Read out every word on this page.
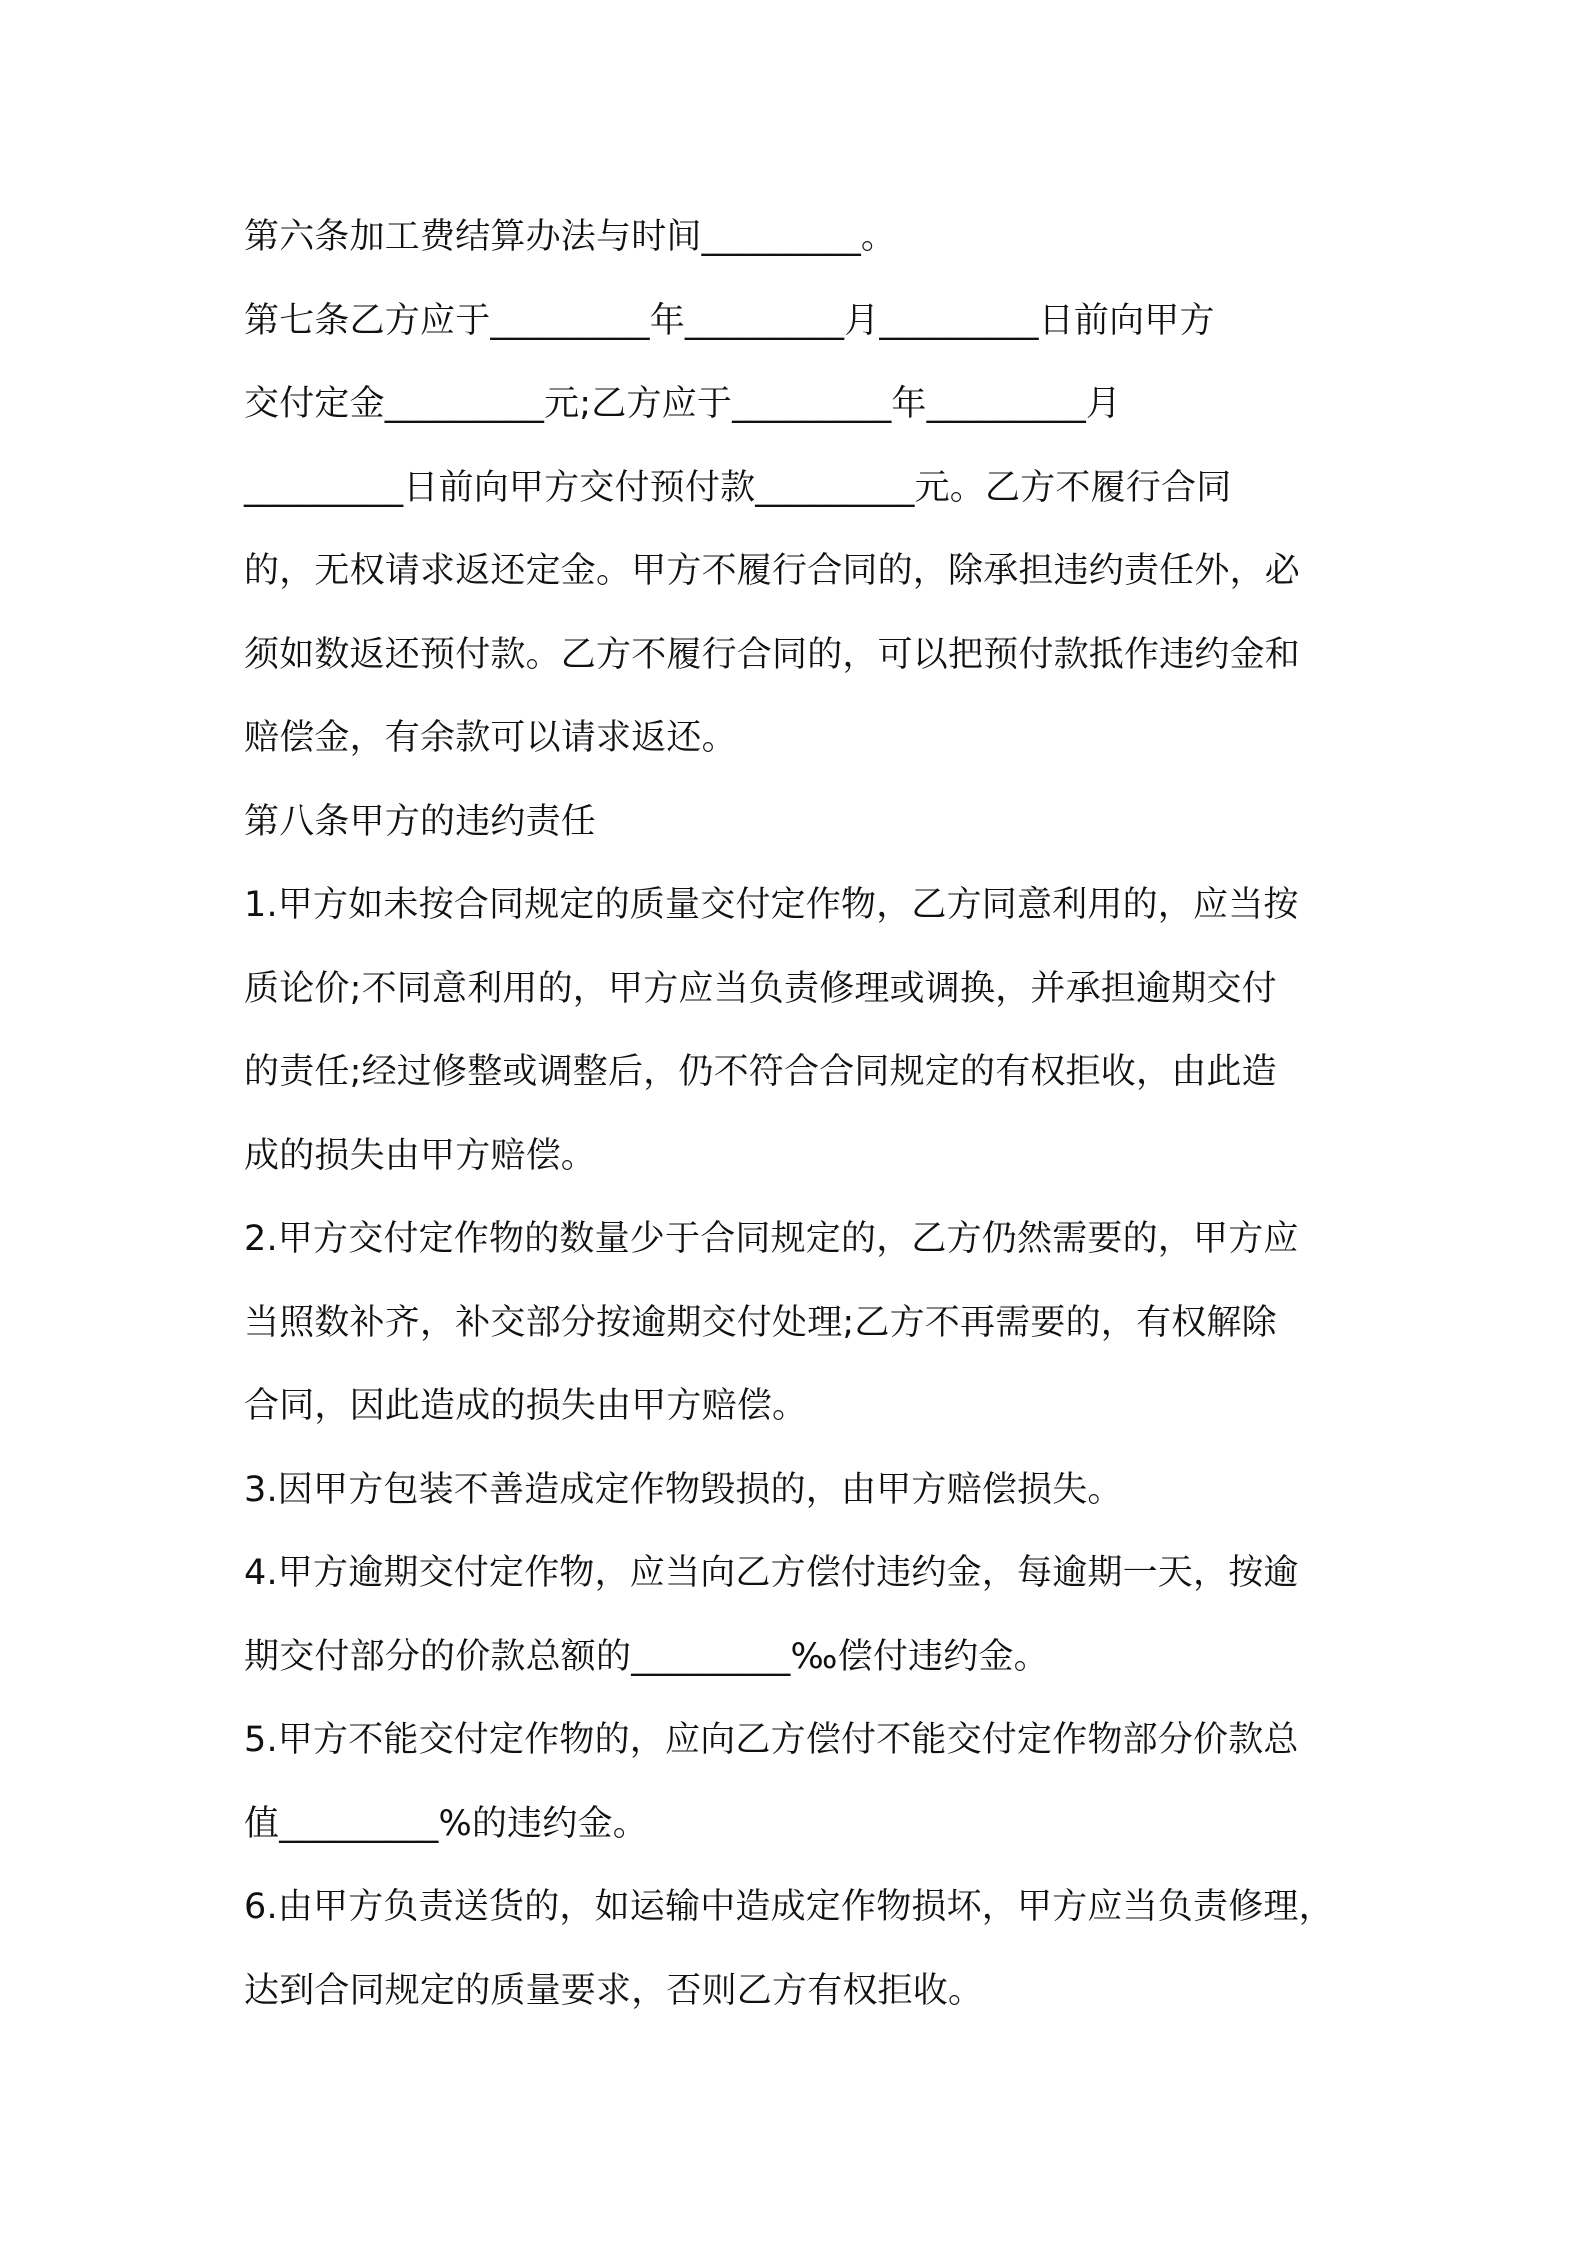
第六条加工费结算办法与时间_________。
第七条乙方应于_________年_________月_________日前向甲方
交付定金_________元;乙方应于_________年_________月
_________日前向甲方交付预付款_________元。乙方不履行合同
的，无权请求返还定金。甲方不履行合同的，除承担违约责任外，必
须如数返还预付款。乙方不履行合同的，可以把预付款抵作违约金和
赔偿金，有余款可以请求返还。
第八条甲方的违约责任
1.甲方如未按合同规定的质量交付定作物，乙方同意利用的，应当按
质论价;不同意利用的，甲方应当负责修理或调换，并承担逾期交付
的责任;经过修整或调整后，仍不符合合同规定的有权拒收，由此造
成的损失由甲方赔偿。
2.甲方交付定作物的数量少于合同规定的，乙方仍然需要的，甲方应
当照数补齐，补交部分按逾期交付处理;乙方不再需要的，有权解除
合同，因此造成的损失由甲方赔偿。
3.因甲方包装不善造成定作物毁损的，由甲方赔偿损失。
4.甲方逾期交付定作物，应当向乙方偿付违约金，每逾期一天，按逾
期交付部分的价款总额的_________‰偿付违约金。
5.甲方不能交付定作物的，应向乙方偿付不能交付定作物部分价款总
值_________%的违约金。
6.由甲方负责送货的，如运输中造成定作物损坏，甲方应当负责修理，
达到合同规定的质量要求，否则乙方有权拒收。
